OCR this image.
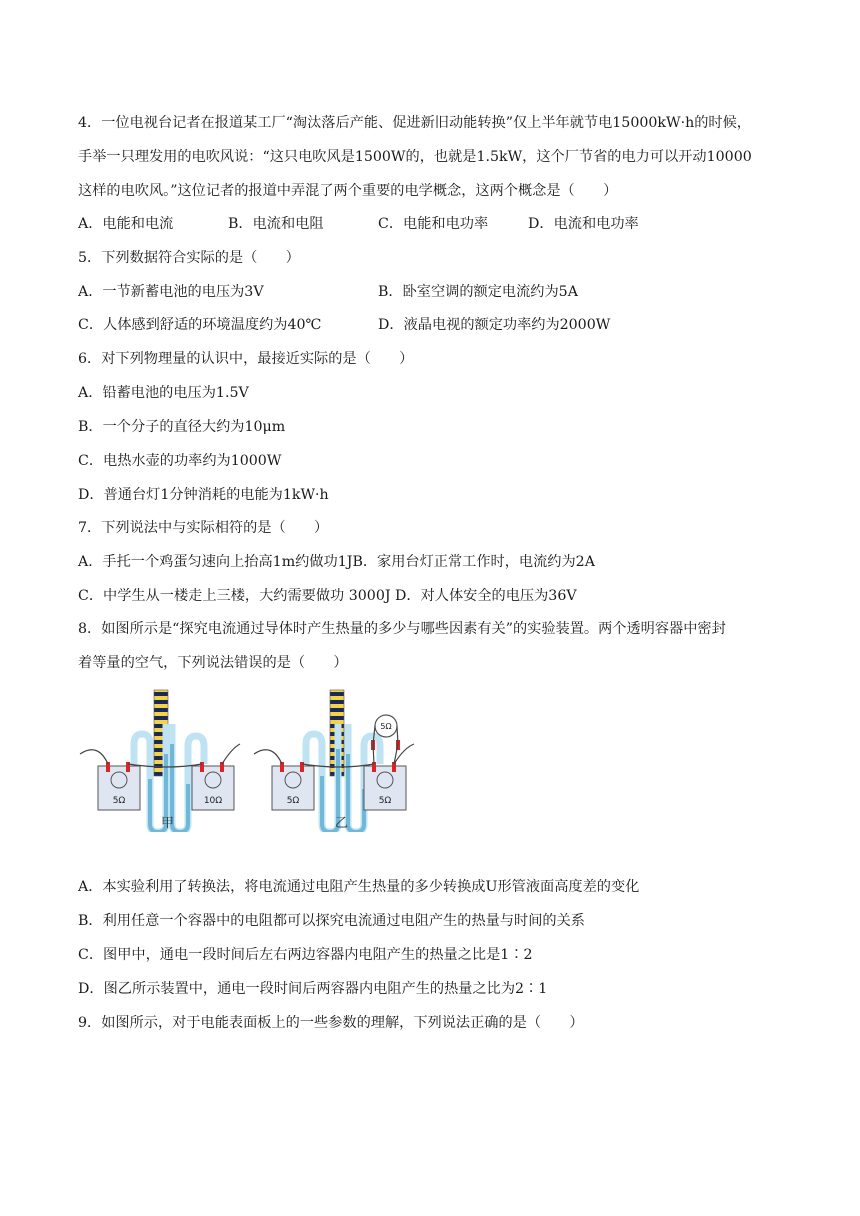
4．一位电视台记者在报道某工厂“淘汰落后产能、促进新旧动能转换”仅上半年就节电15000kW·h的时候，
手举一只理发用的电吹风说：“这只电吹风是1500W的，也就是1.5kW，这个厂节省的电力可以开动10000
这样的电吹风。”这位记者的报道中弄混了两个重要的电学概念，这两个概念是（　　）
A．电能和电流	B．电流和电阻	C．电能和电功率	D．电流和电功率
5．下列数据符合实际的是（　　）
A．一节新蓄电池的电压为3V	B．卧室空调的额定电流约为5A
C．人体感到舒适的环境温度约为40℃	D．液晶电视的额定功率约为2000W
6．对下列物理量的认识中，最接近实际的是（　　）
A．铅蓄电池的电压为1.5V
B．一个分子的直径大约为10μm
C．电热水壶的功率约为1000W
D．普通台灯1分钟消耗的电能为1kW·h
7．下列说法中与实际相符的是（　　）
A．手托一个鸡蛋匀速向上抬高1m约做功1JB．家用台灯正常工作时，电流约为2A
C．中学生从一楼走上三楼，大约需要做功 3000J D．对人体安全的电压为36V
8．如图所示是“探究电流通过导体时产生热量的多少与哪些因素有关”的实验装置。两个透明容器中密封
着等量的空气，下列说法错误的是（　　）
5Ω	10Ω	5Ω	5Ω
5Ω
甲	乙
A．本实验利用了转换法，将电流通过电阻产生热量的多少转换成U形管液面高度差的变化
B．利用任意一个容器中的电阻都可以探究电流通过电阻产生的热量与时间的关系
C．图甲中，通电一段时间后左右两边容器内电阻产生的热量之比是1∶2
D．图乙所示装置中，通电一段时间后两容器内电阻产生的热量之比为2∶1
9．如图所示，对于电能表面板上的一些参数的理解，下列说法正确的是（　　）
